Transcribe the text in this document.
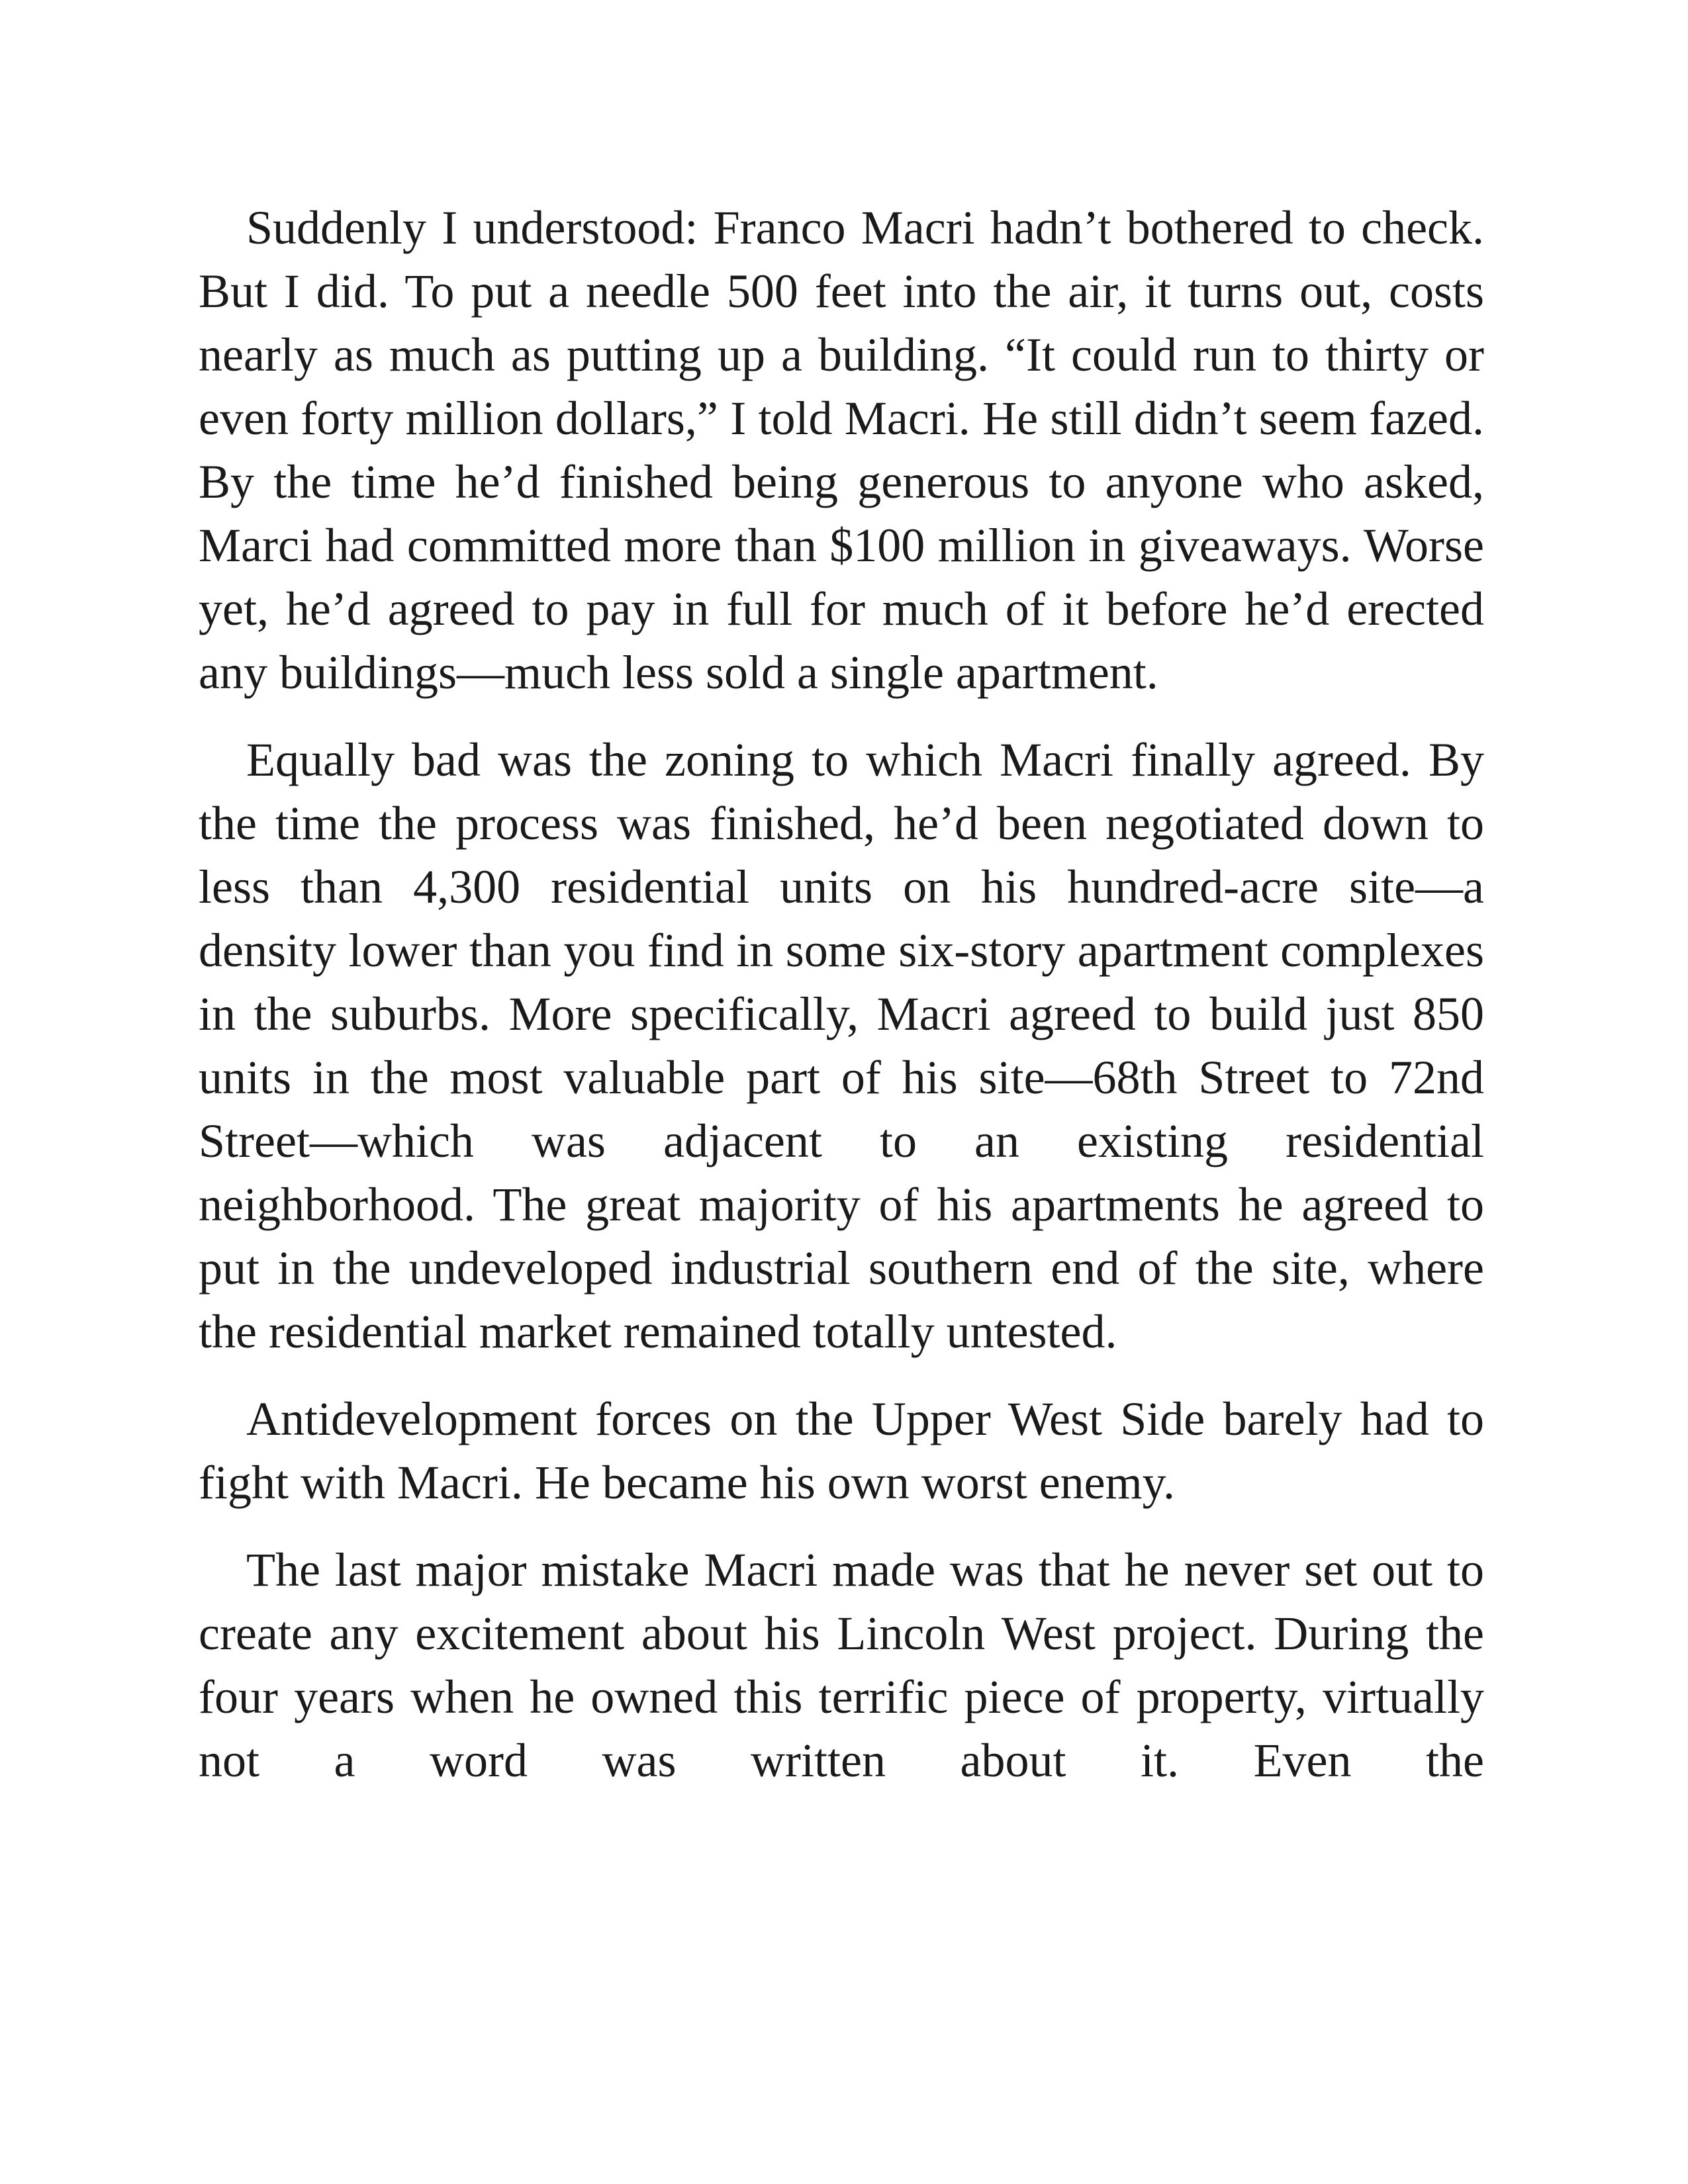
Suddenly I understood: Franco Macri hadn’t bothered to check. But I did. To put a needle 500 feet into the air, it turns out, costs nearly as much as putting up a building. “It could run to thirty or even forty million dollars,” I told Macri. He still didn’t seem fazed. By the time he’d finished being generous to anyone who asked, Marci had committed more than $100 million in giveaways. Worse yet, he’d agreed to pay in full for much of it before he’d erected any buildings—much less sold a single apartment.

Equally bad was the zoning to which Macri finally agreed. By the time the process was finished, he’d been negotiated down to less than 4,300 residential units on his hundred-acre site—a density lower than you find in some six-story apartment complexes in the suburbs. More specifically, Macri agreed to build just 850 units in the most valuable part of his site—68th Street to 72nd Street—which was adjacent to an existing residential neighborhood. The great majority of his apartments he agreed to put in the undeveloped industrial southern end of the site, where the residential market remained totally untested.

Antidevelopment forces on the Upper West Side barely had to fight with Macri. He became his own worst enemy.

The last major mistake Macri made was that he never set out to create any excitement about his Lincoln West project. During the four years when he owned this terrific piece of property, virtually not a word was written about it. Even the
